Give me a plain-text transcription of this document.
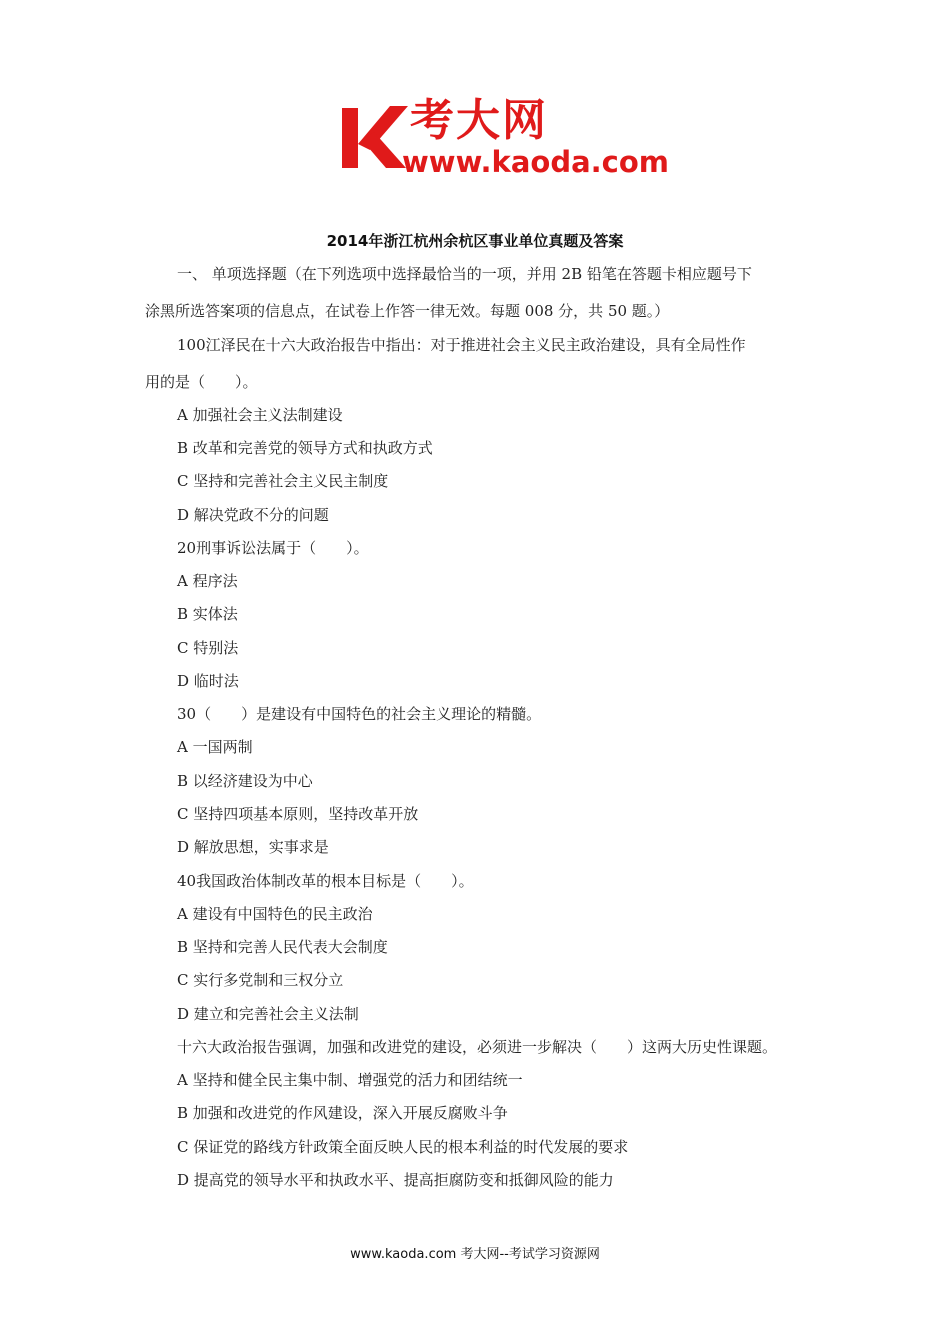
考大网
www.kaoda.com
2014年浙江杭州余杭区事业单位真题及答案
一、 单项选择题（在下列选项中选择最恰当的一项，并用 2B 铅笔在答题卡相应题号下
涂黑所选答案项的信息点，在试卷上作答一律无效。每题 008 分，共 50 题。）
100江泽民在十六大政治报告中指出：对于推进社会主义民主政治建设，具有全局性作
用的是（　　）。
A 加强社会主义法制建设
B 改革和完善党的领导方式和执政方式
C 坚持和完善社会主义民主制度
D 解决党政不分的问题
20刑事诉讼法属于（　　）。
A 程序法
B 实体法
C 特别法
D 临时法
30（　　）是建设有中国特色的社会主义理论的精髓。
A 一国两制
B 以经济建设为中心
C 坚持四项基本原则，坚持改革开放
D 解放思想，实事求是
40我国政治体制改革的根本目标是（　　）。
A 建设有中国特色的民主政治
B 坚持和完善人民代表大会制度
C 实行多党制和三权分立
D 建立和完善社会主义法制
十六大政治报告强调，加强和改进党的建设，必须进一步解决（　　）这两大历史性课题。
A 坚持和健全民主集中制、增强党的活力和团结统一
B 加强和改进党的作风建设，深入开展反腐败斗争
C 保证党的路线方针政策全面反映人民的根本利益的时代发展的要求
D 提高党的领导水平和执政水平、提高拒腐防变和抵御风险的能力
www.kaoda.com 考大网--考试学习资源网
